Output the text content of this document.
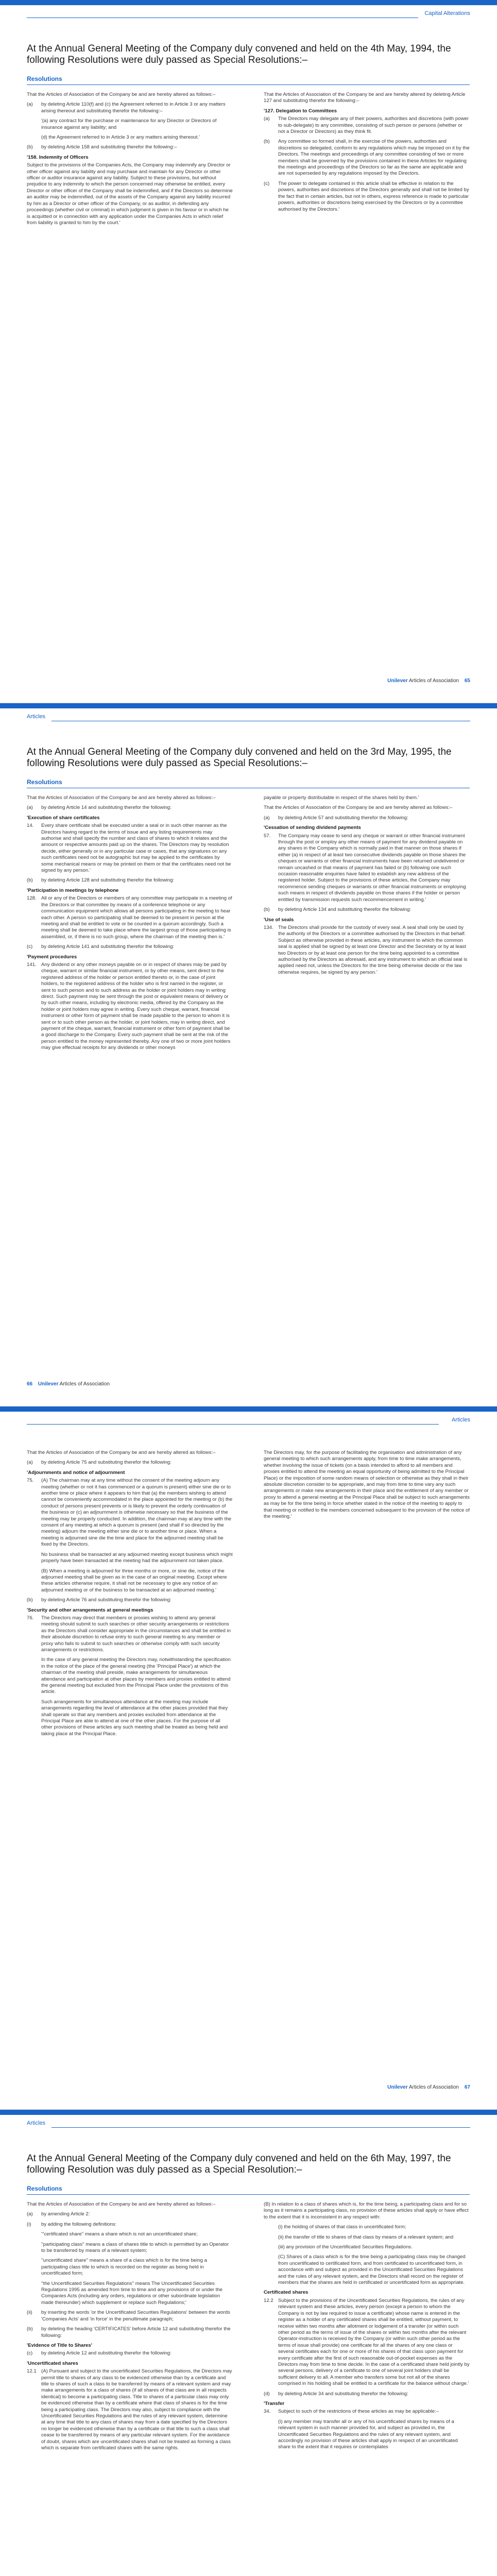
Capital Alterations
At the Annual General Meeting of the Company duly convened and held on the 4th May, 1994, the following Resolutions were duly passed as Special Resolutions:–
Resolutions

That the Articles of Association of the Company be and are hereby altered as follows:–

(a)	by deleting Article 110(f) and (c) the Agreement referred to in Article 3 or any matters arising thereout and substituting therefor the following:–

'(a) any contract for the purchase or maintenance for any Director or Directors of insurance against any liability; and

(d) the Agreement referred to in Article 3 or any matters arising thereout.'

(b)	by deleting Article 158 and substituting therefor the following:–

'158. Indemnity of Officers

Subject to the provisions of the Companies Acts, the Company may indemnify any Director or other officer against any liability and may purchase and maintain for any Director or other officer or auditor insurance against any liability. Subject to these provisions, but without prejudice to any indemnity to which the person concerned may otherwise be entitled, every Director or other officer of the Company shall be indemnified, and if the Directors so determine an auditor may be indemnified, out of the assets of the Company against any liability incurred by him as a Director or other officer of the Company, or as auditor, in defending any proceedings (whether civil or criminal) in which judgment is given in his favour or in which he is acquitted or in connection with any application under the Companies Acts in which relief from liability is granted to him by the court.'

That the Articles of Association of the Company be and are hereby altered by deleting Article 127 and substituting therefor the following:–

'127. Delegation to Committees

(a)	The Directors may delegate any of their powers, authorities and discretions (with power to sub-delegate) to any committee, consisting of such person or persons (whether or not a Director or Directors) as they think fit.
(b)	Any committee so formed shall, in the exercise of the powers, authorities and discretions so delegated, conform to any regulations which may be imposed on it by the Directors. The meetings and proceedings of any committee consisting of two or more members shall be governed by the provisions contained in these Articles for regulating the meetings and proceedings of the Directors so far as the same are applicable and are not superseded by any regulations imposed by the Directors.
(c)	The power to delegate contained in this article shall be effective in relation to the powers, authorities and discretions of the Directors generally and shall not be limited by the fact that in certain articles, but not in others, express reference is made to particular powers, authorities or discretions being exercised by the Directors or by a committee authorised by the Directors.'
Unilever Articles of Association 65
Articles
At the Annual General Meeting of the Company duly convened and held on the 3rd May, 1995, the following Resolutions were duly passed as Special Resolutions:–
Resolutions

That the Articles of Association of the Company be and are hereby altered as follows:–

(a)	by deleting Article 14 and substituting therefor the following:

'Execution of share certificates

14.	Every share certificate shall be executed under a seal or in such other manner as the Directors having regard to the terms of issue and any listing requirements may authorise and shall specify the number and class of shares to which it relates and the amount or respective amounts paid up on the shares. The Directors may by resolution decide, either generally or in any particular case or cases, that any signatures on any such certificates need not be autographic but may be applied to the certificates by some mechanical means or may be printed on them or that the certificates need not be signed by any person.'
(b)	by deleting Article 128 and substituting therefor the following:

'Participation in meetings by telephone

128. All or any of the Directors or members of any committee may participate in a meeting of the Directors or that committee by means of a conference telephone or any communication equipment which allows all persons participating in the meeting to hear each other. A person so participating shall be deemed to be present in person at the meeting and shall be entitled to vote or be counted in a quorum accordingly. Such a meeting shall be deemed to take place where the largest group of those participating is assembled, or, if there is no such group, where the chairman of the meeting then is.'
(c)	by deleting Article 141 and substituting therefor the following:

'Payment procedures

141. Any dividend or any other moneys payable on or in respect of shares may be paid by cheque, warrant or similar financial instrument, or by other means, sent direct to the registered address of the holder or person entitled thereto or, in the case of joint holders, to the registered address of the holder who is first named in the register, or sent to such person and to such address as the holder or joint holders may in writing direct. Such payment may be sent through the post or equivalent means of delivery or by such other means, including by electronic media, offered by the Company as the holder or joint holders may agree in writing. Every such cheque, warrant, financial instrument or other form of payment shall be made payable to the person to whom it is sent or to such other person as the holder, or joint holders, may in writing direct, and payment of the cheque, warrant, financial instrument or other form of payment shall be a good discharge to the Company. Every such payment shall be sent at the risk of the person entitled to the money represented thereby. Any one of two or more joint holders may give effectual receipts for any dividends or other moneys

payable or property distributable in respect of the shares held by them.'

That the Articles of Association of the Company be and are hereby altered as follows:–

(a)	by deleting Article 57 and substituting therefor the following:

'Cessation of sending dividend payments

57.	The Company may cease to send any cheque or warrant or other financial instrument through the post or employ any other means of payment for any dividend payable on any shares in the Company which is normally paid in that manner on those shares if either (a) in respect of at least two consecutive dividends payable on those shares the cheques or warrants or other financial instruments have been returned undelivered or remain uncashed or that means of payment has failed or (b) following one such occasion reasonable enquiries have failed to establish any new address of the registered holder. Subject to the provisions of these articles, the Company may recommence sending cheques or warrants or other financial instruments or employing such means in respect of dividends payable on those shares if the holder or person entitled by transmission requests such recommencement in writing.'
(b)	by deleting Article 134 and substituting therefor the following:

'Use of seals

134. The Directors shall provide for the custody of every seal. A seal shall only be used by the authority of the Directors or a committee authorised by the Directors in that behalf. Subject as otherwise provided in these articles, any instrument to which the common seal is applied shall be signed by at least one Director and the Secretary or by at least two Directors or by at least one person for the time being appointed to a committee authorised by the Directors as aforesaid, and any instrument to which an official seal is applied need not, unless the Directors for the time being otherwise decide or the law otherwise requires, be signed by any person.'
66 Unilever Articles of Association
Articles

That the Articles of Association of the Company be and are hereby altered as follows:–

(a)	by deleting Article 75 and substituting therefor the following:

'Adjournments and notice of adjournment

75.	(A) The chairman may at any time without the consent of the meeting adjourn any meeting (whether or not it has commenced or a quorum is present) either sine die or to another time or place where it appears to him that (a) the members wishing to attend cannot be conveniently accommodated in the place appointed for the meeting or (b) the conduct of persons present prevents or is likely to prevent the orderly continuation of the business or (c) an adjournment is otherwise necessary so that the business of the meeting may be properly conducted. In addition, the chairman may at any time with the consent of any meeting at which a quorum is present (and shall if so directed by the meeting) adjourn the meeting either sine die or to another time or place. When a meeting is adjourned sine die the time and place for the adjourned meeting shall be fixed by the Directors.

No business shall be transacted at any adjourned meeting except business which might properly have been transacted at the meeting had the adjournment not taken place.

(B) When a meeting is adjourned for three months or more, or sine die, notice of the adjourned meeting shall be given as in the case of an original meeting. Except where these articles otherwise require, it shall not be necessary to give any notice of an adjourned meeting or of the business to be transacted at an adjourned meeting.'

(b)	by deleting Article 76 and substituting therefor the following:

'Security and other arrangements at general meetings

76.	The Directors may direct that members or proxies wishing to attend any general meeting should submit to such searches or other security arrangements or restrictions as the Directors shall consider appropriate in the circumstances and shall be entitled in their absolute discretion to refuse entry to such general meeting to any member or proxy who fails to submit to such searches or otherwise comply with such security arrangements or restrictions.

In the case of any general meeting the Directors may, notwithstanding the specification in the notice of the place of the general meeting (the 'Principal Place') at which the chairman of the meeting shall preside, make arrangements for simultaneous attendance and participation at other places by members and proxies entitled to attend the general meeting but excluded from the Principal Place under the provisions of this article.

Such arrangements for simultaneous attendance at the meeting may include arrangements regarding the level of attendance at the other places provided that they shall operate so that any members and proxies excluded from attendance at the Principal Place are able to attend at one of the other places. For the purpose of all other provisions of these articles any such meeting shall be treated as being held and taking place at the Principal Place.

The Directors may, for the purpose of facilitating the organisation and administration of any general meeting to which such arrangements apply, from time to time make arrangements, whether involving the issue of tickets (on a basis intended to afford to all members and proxies entitled to attend the meeting an equal opportunity of being admitted to the Principal Place) or the imposition of some random means of selection or otherwise as they shall in their absolute discretion consider to be appropriate, and may from time to time vary any such arrangements or make new arrangements in their place and the entitlement of any member or proxy to attend a general meeting at the Principal Place shall be subject to such arrangements as may be for the time being in force whether stated in the notice of the meeting to apply to that meeting or notified to the members concerned subsequent to the provision of the notice of the meeting.'

Unilever Articles of Association 67
Articles
At the Annual General Meeting of the Company duly convened and held on the 6th May, 1997, the following Resolution was duly passed as a Special Resolution:–
Resolutions

That the Articles of Association of the Company be and are hereby altered as follows:–

(a)	by amending Article 2:
(i)	by adding the following definitions:

'''certificated share'' means a share which is not an uncertificated share;

''participating class'' means a class of shares title to which is permitted by an Operator to be transferred by means of a relevant system;

''uncertificated share'' means a share of a class which is for the time being a participating class title to which is recorded on the register as being held in uncertificated form;

''the Uncertificated Securities Regulations'' means The Uncertificated Securities Regulations 1995 as amended from time to time and any provisions of or under the Companies Acts (including any orders, regulations or other subordinate legislation made thereunder) which supplement or replace such Regulations;'

(ii)	by inserting the words 'or the Uncertificated Securities Regulations' between the words 'Companies Acts' and 'in force' in the penultimate paragraph;
(b)	by deleting the heading 'CERTIFICATES' before Article 12 and substituting therefor the following:

'Evidence of Title to Shares'

(c)	by deleting Article 12 and substituting therefor the following:

'Uncertificated shares

12.1 (A) Pursuant and subject to the uncertificated Securities Regulations, the Directors may permit title to shares of any class to be evidenced otherwise than by a certificate and title to shares of such a class to be transferred by means of a relevant system and may make arrangements for a class of shares (if all shares of that class are in all respects identical) to become a participating class. Title to shares of a particular class may only be evidenced otherwise than by a certificate where that class of shares is for the time being a participating class. The Directors may also, subject to compliance with the Uncertificated Securities Regulations and the rules of any relevant system, determine at any time that title to any class of shares may from a date specified by the Directors no longer be evidenced otherwise than by a certificate or that title to such a class shall cease to be transferred by means of any particular relevant system. For the avoidance of doubt, shares which are uncertificated shares shall not be treated as forming a class which is separate from certificated shares with the same rights.

(B) In relation to a class of shares which is, for the time being, a participating class and for so long as it remains a participating class, no provision of these articles shall apply or have effect to the extent that it is inconsistent in any respect with:

(i) the holding of shares of that class in uncertificated form;

(ii) the transfer of title to shares of that class by means of a relevant system; and

(iii) any provision of the Uncertificated Securities Regulations.

(C) Shares of a class which is for the time being a participating class may be changed from uncertificated to certificated form, and from certificated to uncertificated form, in accordance with and subject as provided in the Uncertificated Securities Regulations and the rules of any relevant system, and the Directors shall record on the register of members that the shares are held in certificated or uncertificated form as appropriate.

Certificated shares

12.2 Subject to the provisions of the Uncertificated Securities Regulations, the rules of any relevant system and these articles, every person (except a person to whom the Company is not by law required to issue a certificate) whose name is entered in the register as a holder of any certificated shares shall be entitled, without payment, to receive within two months after allotment or lodgement of a transfer (or within such other period as the terms of issue of the shares or within two months after the relevant Operator-instruction is received by the Company (or within such other period as the terms of issue shall provide) one certificate for all the shares of any one class or several certificates each for one or more of his shares of that class upon payment for every certificate after the first of such reasonable out-of-pocket expenses as the Directors may from time to time decide. In the case of a certificated share held jointly by several persons, delivery of a certificate to one of several joint holders shall be sufficient delivery to all. A member who transfers some but not all of the shares comprised in his holding shall be entitled to a certificate for the balance without charge.'
(d)	by deleting Article 34 and substituting therefor the following:

'Transfer

34.	Subject to such of the restrictions of these articles as may be applicable:–

(i) any member may transfer all or any of his uncertificated shares by means of a relevant system in such manner provided for, and subject as provided in, the Uncertificated Securities Regulations and the rules of any relevant system, and accordingly no provision of these articles shall apply in respect of an uncertificated share to the extent that it requires or contemplates
